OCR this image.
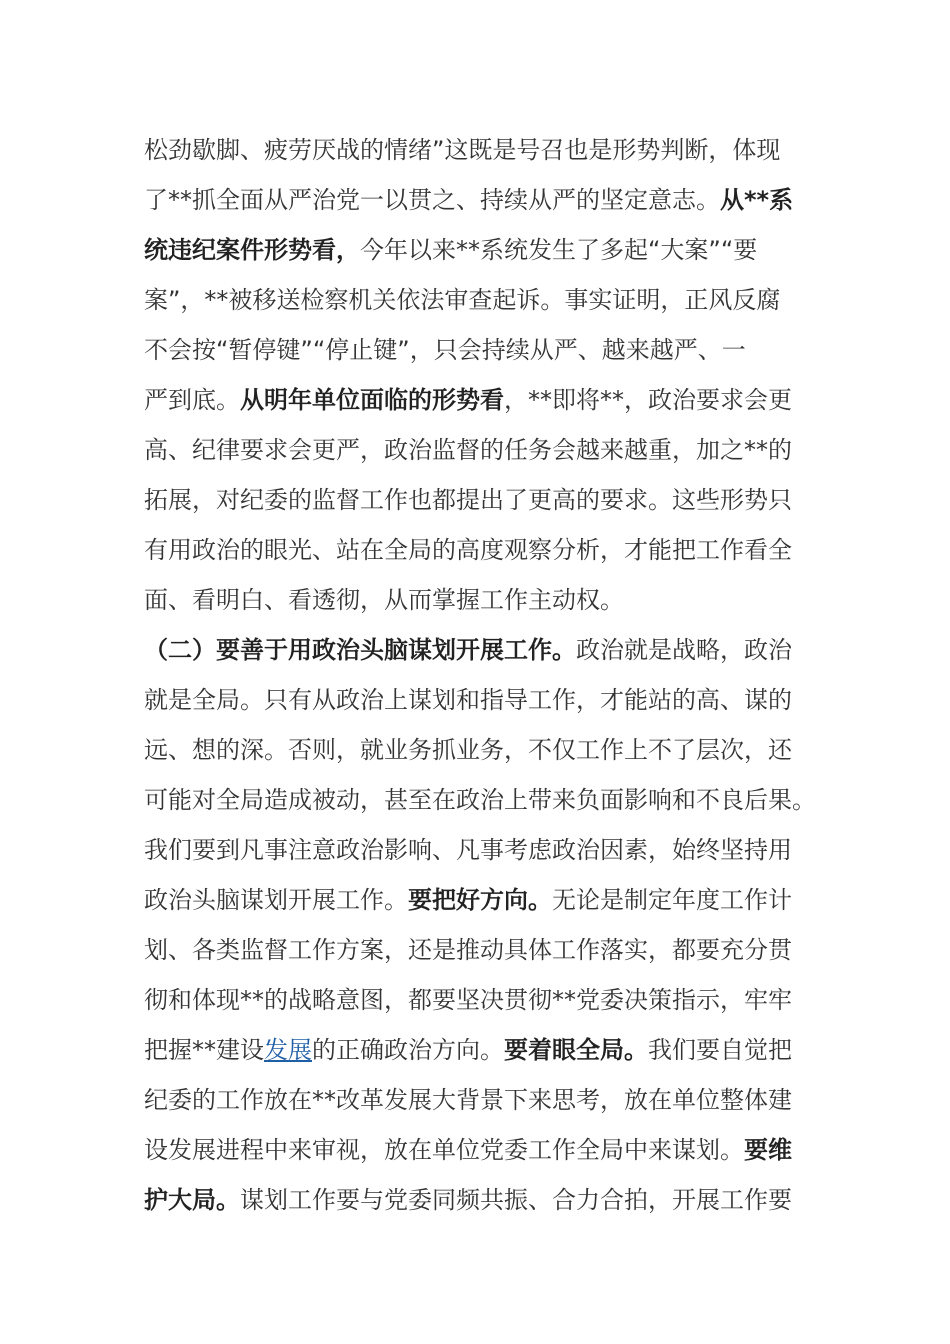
松劲歇脚、疲劳厌战的情绪”这既是号召也是形势判断，体现
了**抓全面从严治党一以贯之、持续从严的坚定意志。从**系
统违纪案件形势看，今年以来**系统发生了多起“大案”“要
案”，**被移送检察机关依法审查起诉。事实证明，正风反腐
不会按“暂停键”“停止键”，只会持续从严、越来越严、一
严到底。从明年单位面临的形势看，**即将**，政治要求会更
高、纪律要求会更严，政治监督的任务会越来越重，加之**的
拓展，对纪委的监督工作也都提出了更高的要求。这些形势只
有用政治的眼光、站在全局的高度观察分析，才能把工作看全
面、看明白、看透彻，从而掌握工作主动权。
（二）要善于用政治头脑谋划开展工作。政治就是战略，政治
就是全局。只有从政治上谋划和指导工作，才能站的高、谋的
远、想的深。否则，就业务抓业务，不仅工作上不了层次，还
可能对全局造成被动，甚至在政治上带来负面影响和不良后果。
我们要到凡事注意政治影响、凡事考虑政治因素，始终坚持用
政治头脑谋划开展工作。要把好方向。无论是制定年度工作计
划、各类监督工作方案，还是推动具体工作落实，都要充分贯
彻和体现**的战略意图，都要坚决贯彻**党委决策指示，牢牢
把握**建设发展的正确政治方向。要着眼全局。我们要自觉把
纪委的工作放在**改革发展大背景下来思考，放在单位整体建
设发展进程中来审视，放在单位党委工作全局中来谋划。要维
护大局。谋划工作要与党委同频共振、合力合拍，开展工作要
